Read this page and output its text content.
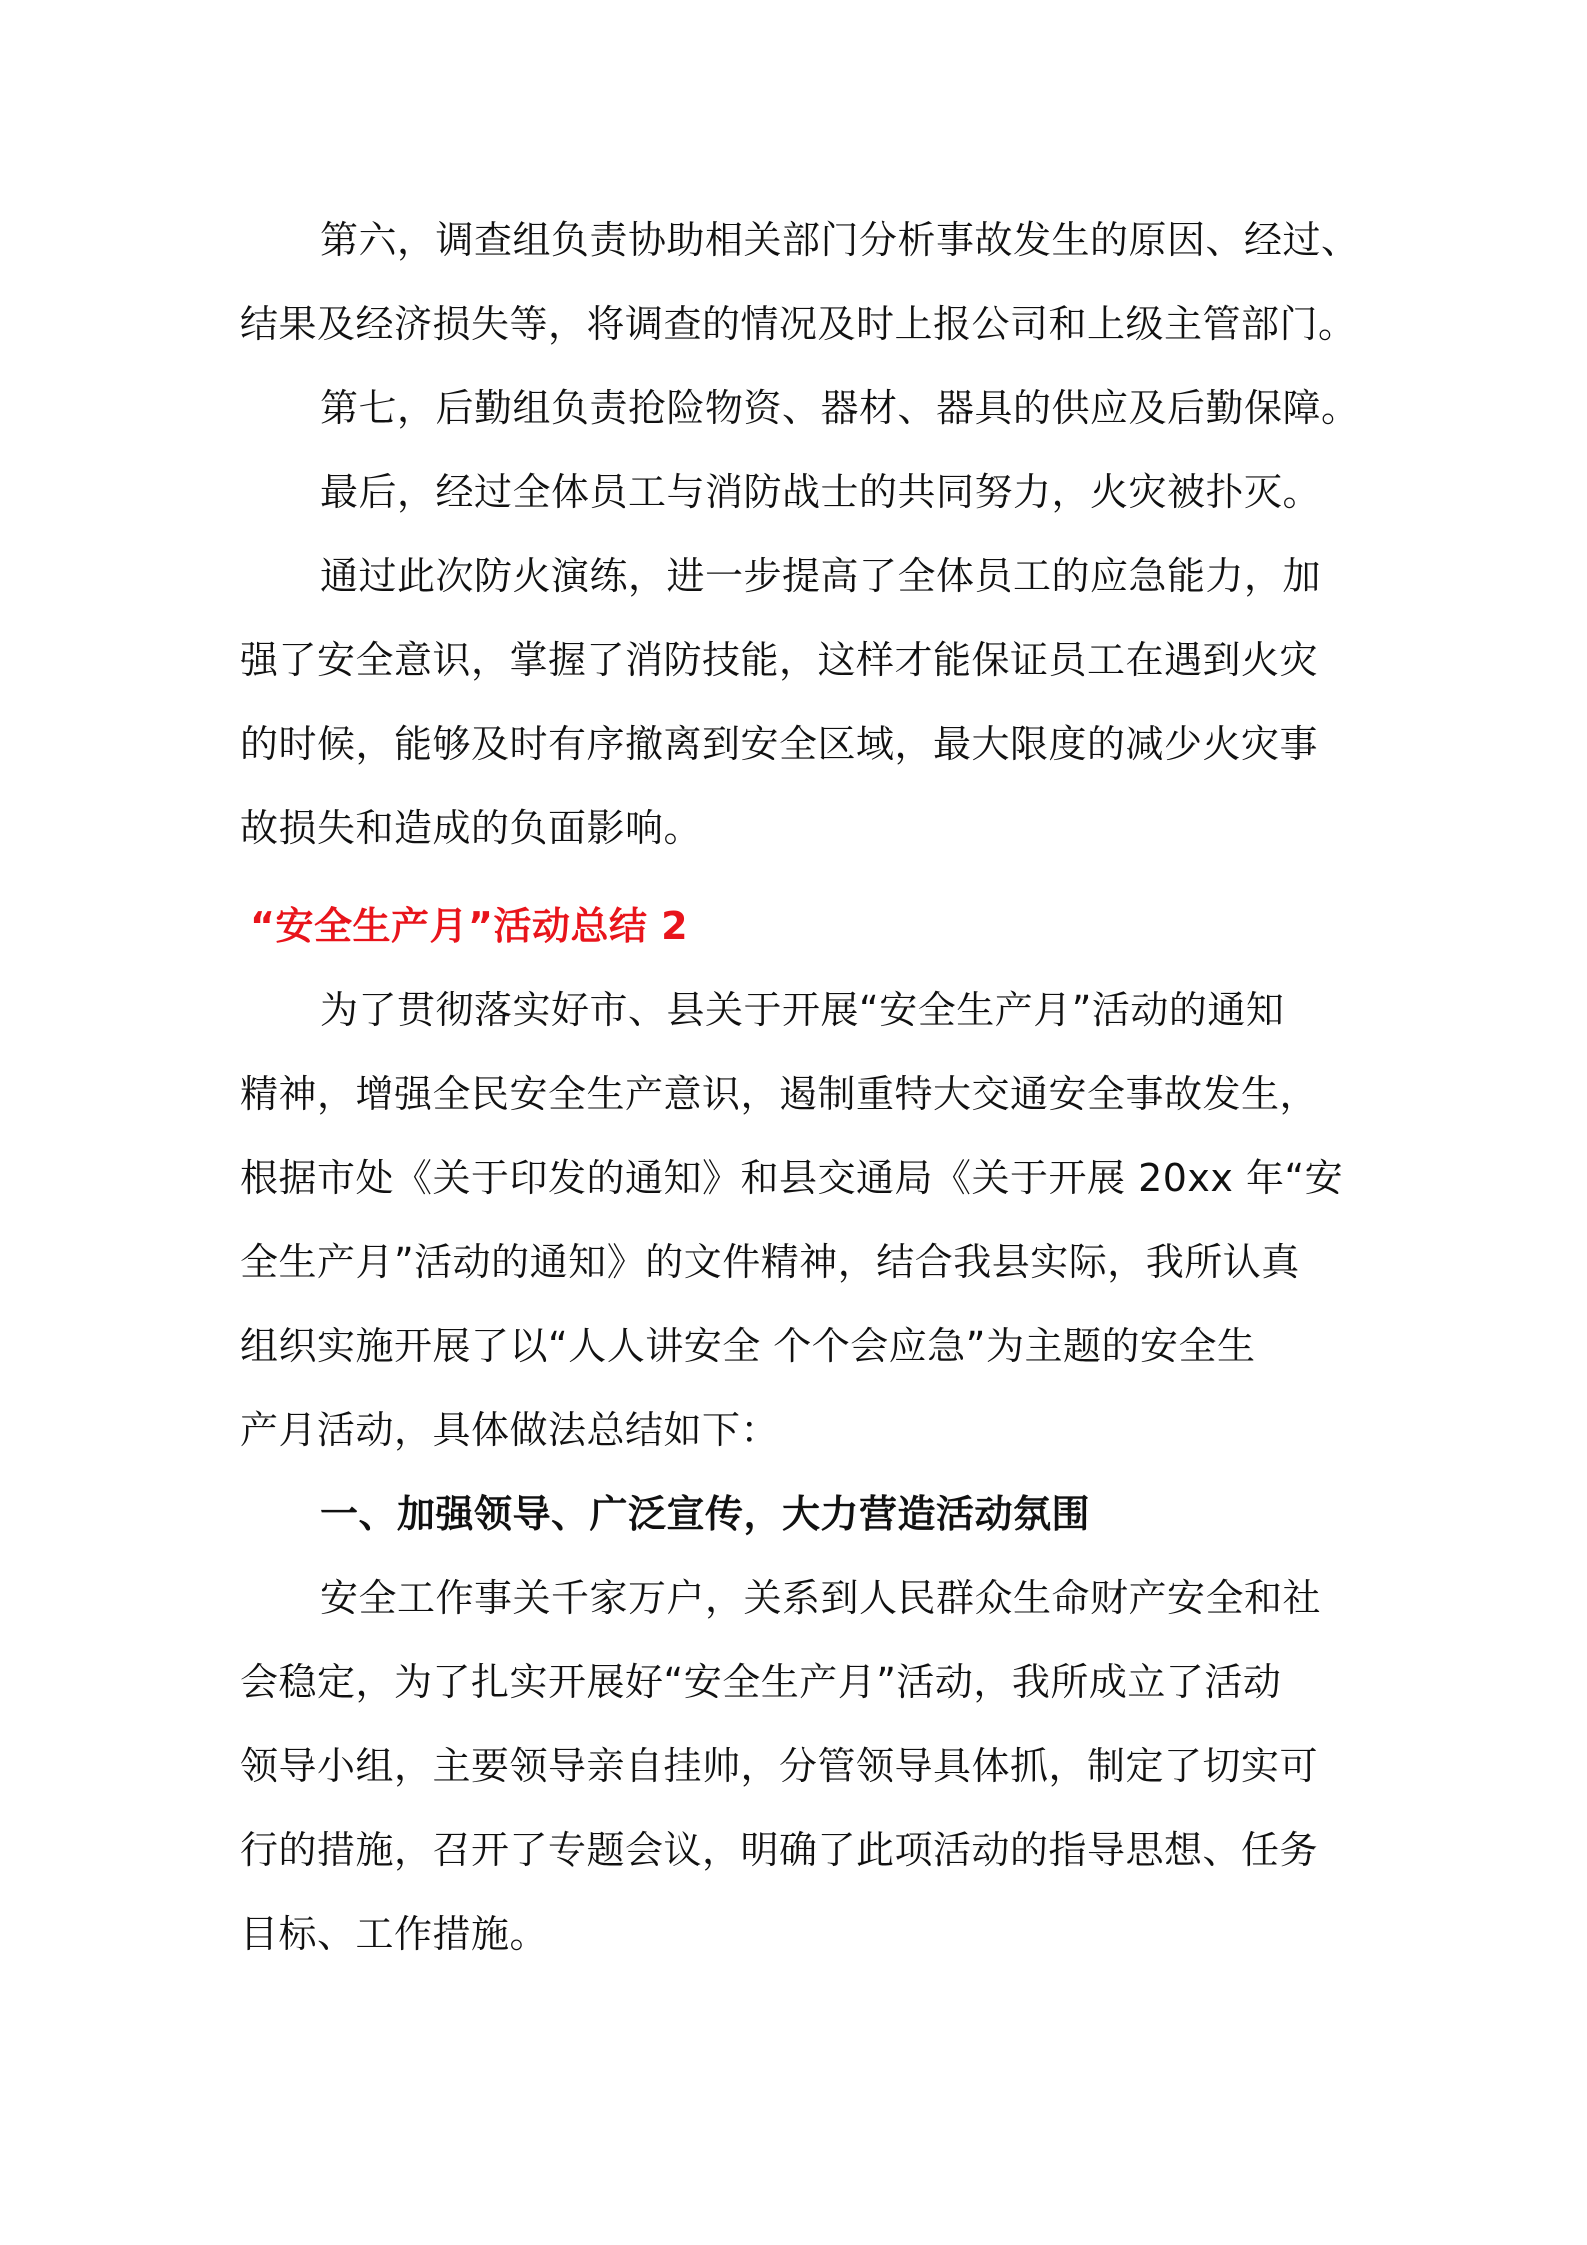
第六，调查组负责协助相关部门分析事故发生的原因、经过、
结果及经济损失等，将调查的情况及时上报公司和上级主管部门。
第七，后勤组负责抢险物资、器材、器具的供应及后勤保障。
最后，经过全体员工与消防战士的共同努力，火灾被扑灭。
通过此次防火演练，进一步提高了全体员工的应急能力，加
强了安全意识，掌握了消防技能，这样才能保证员工在遇到火灾
的时候，能够及时有序撤离到安全区域，最大限度的减少火灾事
故损失和造成的负面影响。
“安全生产月”活动总结 2
为了贯彻落实好市、县关于开展“安全生产月”活动的通知
精神，增强全民安全生产意识，遏制重特大交通安全事故发生，
根据市处《关于印发的通知》和县交通局《关于开展 20xx 年“安
全生产月”活动的通知》的文件精神，结合我县实际，我所认真
组织实施开展了以“人人讲安全 个个会应急”为主题的安全生
产月活动，具体做法总结如下：
一、加强领导、广泛宣传，大力营造活动氛围
安全工作事关千家万户，关系到人民群众生命财产安全和社
会稳定，为了扎实开展好“安全生产月”活动，我所成立了活动
领导小组，主要领导亲自挂帅，分管领导具体抓，制定了切实可
行的措施，召开了专题会议，明确了此项活动的指导思想、任务
目标、工作措施。
